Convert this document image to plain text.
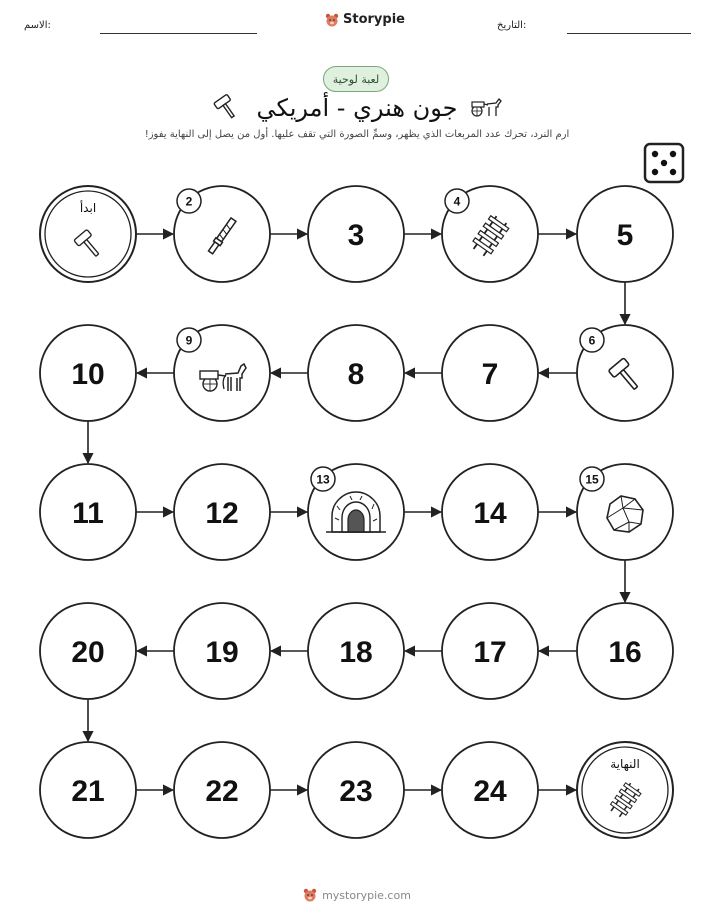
الاسم:	التاريخ:
Storypie
لعبة لوحية
جون هنري - أمريكي
ارم النرد، تحرك عدد المربعات الذي يظهر، وسمِّ الصورة التي تقف عليها. أول من يصل إلى النهاية يفوز!
ابدأ	2
3
4
5
6
7
8
9
10
11	12
13
14
15
16
17
18
19
20
21	22	23	24
النهاية
mystorypie.com
